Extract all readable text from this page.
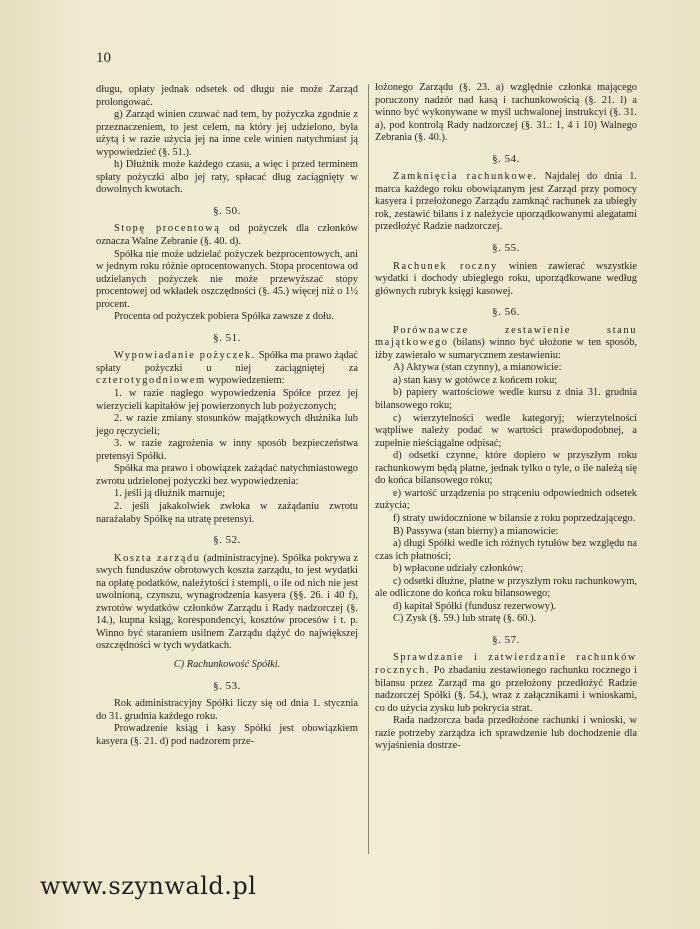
10

długu, opłaty jednak odsetek od długu nie może Zarząd prolongować.

g) Zarząd winien czuwać nad tem, by pożyczka zgodnie z przeznaczeniem, to jest celem, na który jej udzielono, była użytą i w razie użycia jej na inne cele winien natychmiast ją wypowiedzieć (§. 51.).

h) Dłużnik może każdego czasu, a więc i przed terminem spłaty pożyczki albo jej raty, spłacać dług zaciągnięty w dowolnych kwotach.

§. 50.

Stopę procentową od pożyczek dla członków oznacza Walne Zebranie (§. 40. d).

Spółka nie może udzielać pożyczek bezprocentowych, ani w jednym roku różnie oprocentowanych. Stopa procentowa od udzielanych pożyczek nie może przewyższać stopy procentowej od wkładek oszczędności (§. 45.) więcej niż o 1½ procent.

Procenta od pożyczek pobiera Spółka zawsze z dołu.

§. 51.

Wypowiadanie pożyczek. Spółka ma prawo żądać spłaty pożyczki u niej zaciągniętej za czterotygodniowem wypowiedzeniem:

1. w razie nagłego wypowiedzenia Spółce przez jej wierzycieli kapitałów jej powierzonych lub pożyczonych;

2. w razie zmiany stosunków majątkowych dłużnika lub jego ręczycieli;

3. w razie zagrożenia w inny sposób bezpieczeństwa pretensyi Spółki.

Spółka ma prawo i obowiązek zażądać natychmiastowego zwrotu udzielonej pożyczki bez wypowiedzenia:

1. jeśli ją dłużnik marnuje;

2. jeśli jakakolwiek zwłoka w zażądaniu zwrotu narażałaby Spółkę na utratę pretensyi.

§. 52.

Koszta zarządu (administracyjne). Spółka pokrywa z swych funduszów obrotowych koszta zarządu, to jest wydatki na opłatę podatków, należytości i stempli, o ile od nich nie jest uwolnioną, czynszu, wynagrodzenia kasyera (§§. 26. i 40 f), zwrotów wydatków członków Zarządu i Rady nadzorczej (§. 14.), kupna ksiąg, korespondencyi, kosztów procesów i t. p. Winno być staraniem usilnem Zarządu dążyć do największej oszczędności w tych wydatkach.

C) Rachunkowość Spółki.
§. 53.

Rok administracyjny Spółki liczy się od dnia 1. stycznia do 31. grudnia każdego roku.

Prowadzenie ksiąg i kasy Spółki jest obowiązkiem kasyera (§. 21. d) pod nadzorem prze-

łożonego Zarządu (§. 23. a) względnie członka mającego poruczony nadzór nad kasą i rachunkowością (§. 21. l) a winno być wykonywane w myśl uchwalonej instrukcyi (§. 31. a), pod kontrolą Rady nadzorczej (§. 31.: 1, 4 i 10) Walnego Zebrania (§. 40.).

§. 54.

Zamknięcia rachunkowe. Najdalej do dnia 1. marca każdego roku obowiązanym jest Zarząd przy pomocy kasyera i przełożonego Zarządu zamknąć rachunek za ubiegły rok, zestawić bilans i z należycie uporządkowanymi alegatami przedłożyć Radzie nadzorczej.

§. 55.

Rachunek roczny winien zawierać wszystkie wydatki i dochody ubiegłego roku, uporządkowane według głównych rubryk księgi kasowej.

§. 56.

Porównawcze zestawienie stanu majątkowego (bilans) winno być ułożone w ten sposób, iżby zawierało w sumarycznem zestawieniu:

A) Aktywa (stan czynny), a mianowicie:

a) stan kasy w gotówce z końcem roku;

b) papiery wartościowe wedle kursu z dnia 31. grudnia bilansowego roku;

c) wierzytelności wedle kategoryj; wierzytelności wątpliwe należy podać w wartości prawdopodobnej, a zupełnie nieściągalne odpisać;

d) odsetki czynne, które dopiero w przyszłym roku rachunkowym będą płatne, jednak tylko o tyle, o ile należą się do końca bilansowego roku;

e) wartość urządzenia po strąceniu odpowiednich odsetek zużycia;

f) straty uwidocznione w bilansie z roku poprzedzającego.

B) Passywa (stan bierny) a mianowicie:

a) długi Spółki wedle ich różnych tytułów bez względu na czas ich płatności;

b) wpłacone udziały członków;

c) odsetki dłużne, płatne w przyszłym roku rachunkowym, ale odliczone do końca roku bilansowego;

d) kapitał Spółki (fundusz rezerwowy).

C) Zysk (§. 59.) lub stratę (§. 60.).

§. 57.

Sprawdzanie i zatwierdzanie rachunków rocznych. Po zbadaniu zestawionego rachunku rocznego i bilansu przez Zarząd ma go przełożony przedłożyć Radzie nadzorczej Spółki (§. 54.), wraz z załącznikami i wnioskami, co do użycia zysku lub pokrycia strat.

Rada nadzorcza bada przedłożone rachunki i wnioski, w razie potrzeby zarządza ich sprawdzenie lub dochodzenie dla wyjaśnienia dostrze-

www.szynwald.pl
